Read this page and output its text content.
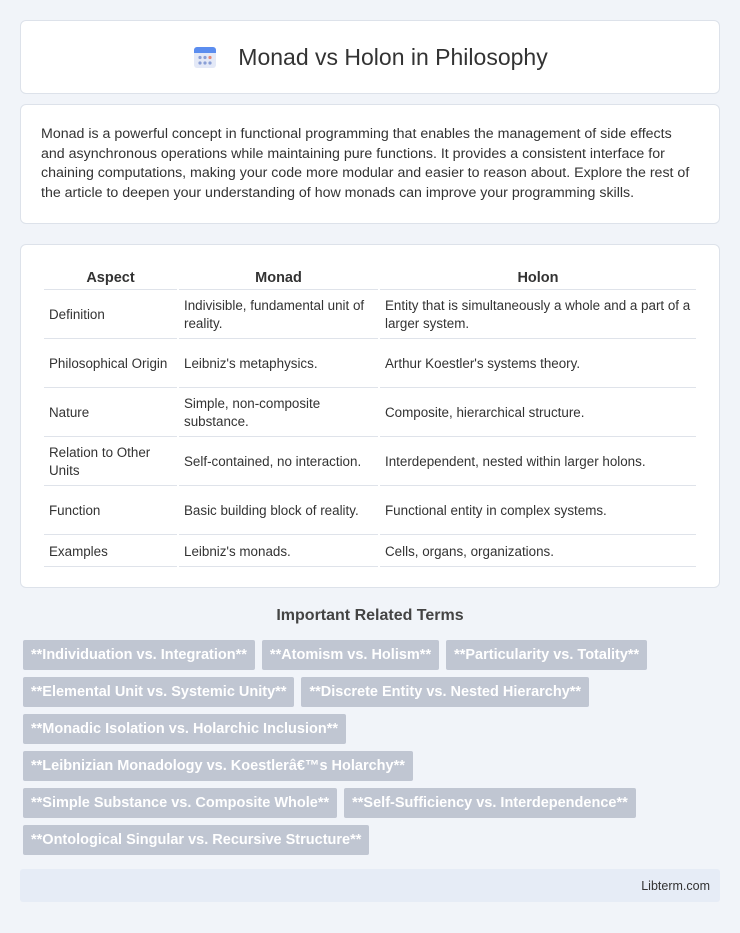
Monad vs Holon in Philosophy

Monad is a powerful concept in functional programming that enables the management of side effects and asynchronous operations while maintaining pure functions. It provides a consistent interface for chaining computations, making your code more modular and easier to reason about. Explore the rest of the article to deepen your understanding of how monads can improve your programming skills.

Aspect	Monad	Holon
Definition	Indivisible, fundamental unit of reality.	Entity that is simultaneously a whole and a part of a larger system.
Philosophical Origin	Leibniz's metaphysics.	Arthur Koestler's systems theory.
Nature	Simple, non-composite substance.	Composite, hierarchical structure.
Relation to Other Units	Self-contained, no interaction.	Interdependent, nested within larger holons.
Function	Basic building block of reality.	Functional entity in complex systems.
Examples	Leibniz's monads.	Cells, organs, organizations.
Important Related Terms
**Individuation vs. Integration**	**Atomism vs. Holism**	**Particularity vs. Totality**
**Elemental Unit vs. Systemic Unity**	**Discrete Entity vs. Nested Hierarchy**
**Monadic Isolation vs. Holarchic Inclusion**
**Leibnizian Monadology vs. Koestlerâ€™s Holarchy**
**Simple Substance vs. Composite Whole**	**Self-Sufficiency vs. Interdependence**
**Ontological Singular vs. Recursive Structure**
Libterm.com
